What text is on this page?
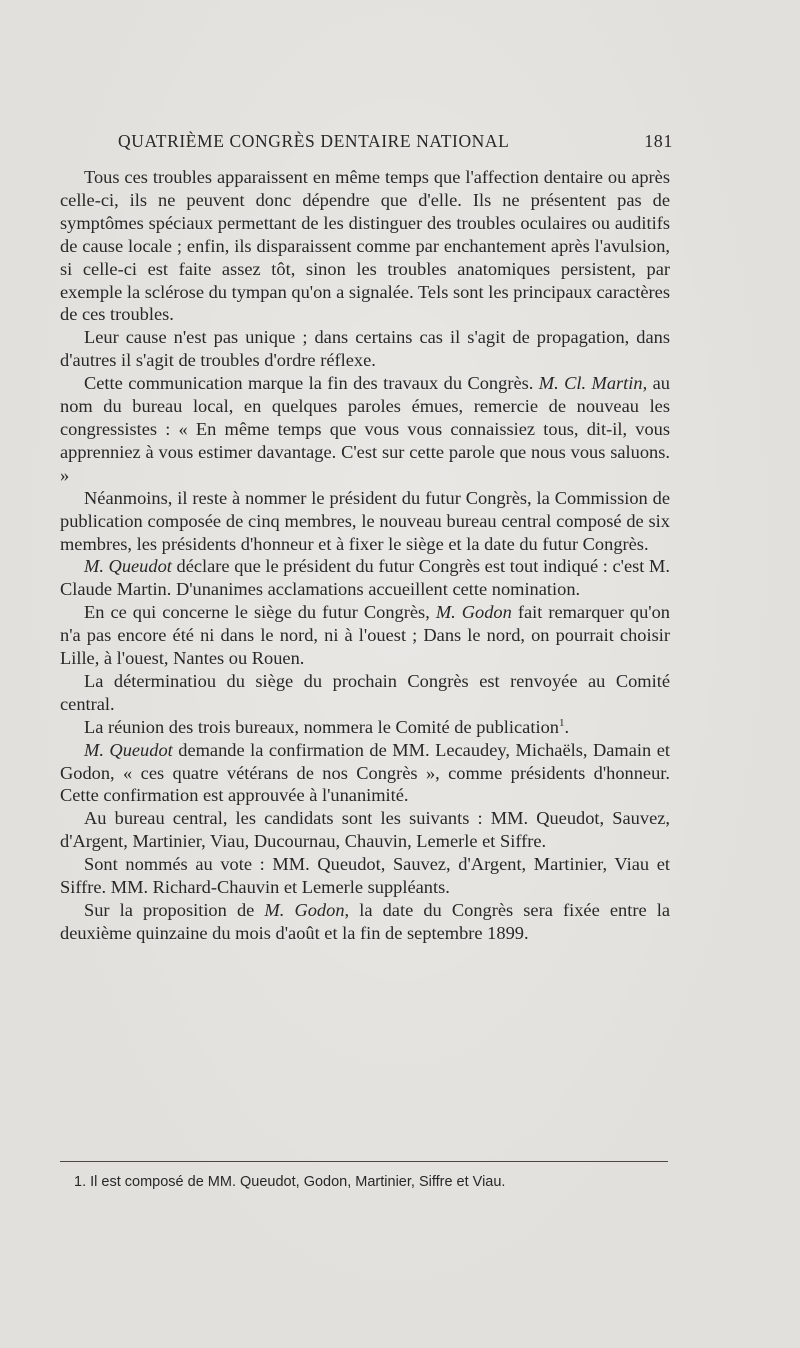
QUATRIÈME CONGRÈS DENTAIRE NATIONAL	181

Tous ces troubles apparaissent en même temps que l'affection dentaire ou après celle-ci, ils ne peuvent donc dépendre que d'elle. Ils ne présentent pas de symptômes spéciaux permettant de les distinguer des troubles oculaires ou auditifs de cause locale ; enfin, ils disparaissent comme par enchantement après l'avulsion, si celle-ci est faite assez tôt, sinon les troubles anatomiques persistent, par exemple la sclérose du tympan qu'on a signalée. Tels sont les principaux caractères de ces troubles.

Leur cause n'est pas unique ; dans certains cas il s'agit de propagation, dans d'autres il s'agit de troubles d'ordre réflexe.

Cette communication marque la fin des travaux du Congrès. M. Cl. Martin, au nom du bureau local, en quelques paroles émues, remercie de nouveau les congressistes : « En même temps que vous vous connaissiez tous, dit-il, vous apprenniez à vous estimer davantage. C'est sur cette parole que nous vous saluons. »

Néanmoins, il reste à nommer le président du futur Congrès, la Commission de publication composée de cinq membres, le nouveau bureau central composé de six membres, les présidents d'honneur et à fixer le siège et la date du futur Congrès.

M. Queudot déclare que le président du futur Congrès est tout indiqué : c'est M. Claude Martin. D'unanimes acclamations accueillent cette nomination.

En ce qui concerne le siège du futur Congrès, M. Godon fait remarquer qu'on n'a pas encore été ni dans le nord, ni à l'ouest ; Dans le nord, on pourrait choisir Lille, à l'ouest, Nantes ou Rouen.

La déterminatiou du siège du prochain Congrès est renvoyée au Comité central.

La réunion des trois bureaux, nommera le Comité de publication$^1$.

M. Queudot demande la confirmation de MM. Lecaudey, Michaëls, Damain et Godon, « ces quatre vétérans de nos Congrès », comme présidents d'honneur. Cette confirmation est approuvée à l'unanimité.

Au bureau central, les candidats sont les suivants : MM. Queudot, Sauvez, d'Argent, Martinier, Viau, Ducournau, Chauvin, Lemerle et Siffre.

Sont nommés au vote : MM. Queudot, Sauvez, d'Argent, Martinier, Viau et Siffre. MM. Richard-Chauvin et Lemerle suppléants.

Sur la proposition de M. Godon, la date du Congrès sera fixée entre la deuxième quinzaine du mois d'août et la fin de septembre 1899.

1. Il est composé de MM. Queudot, Godon, Martinier, Siffre et Viau.
